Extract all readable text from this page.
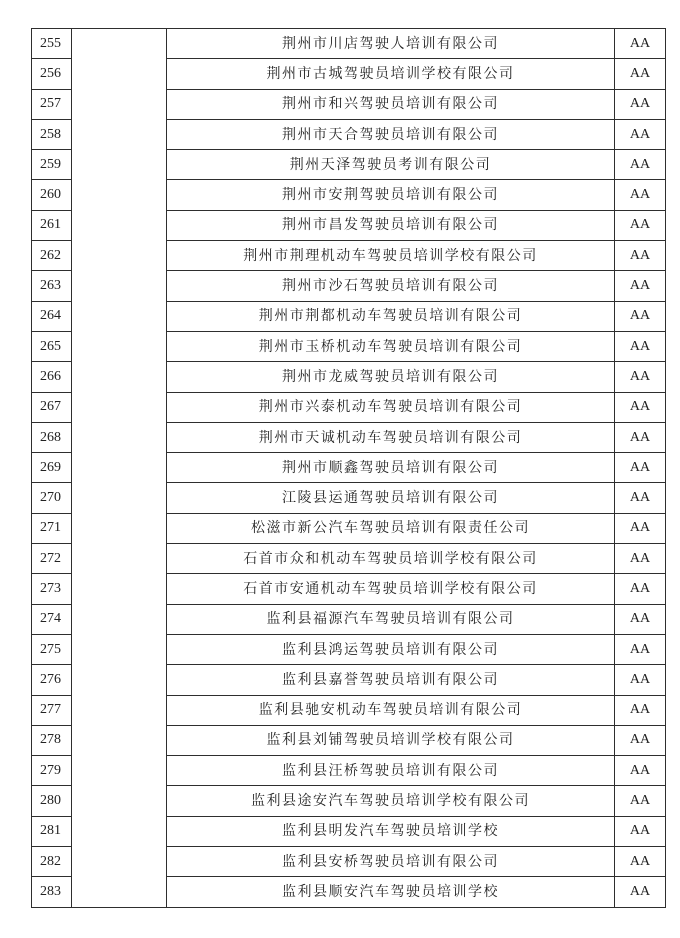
255		荆州市川店驾驶人培训有限公司	AA
256		荆州市古城驾驶员培训学校有限公司	AA
257		荆州市和兴驾驶员培训有限公司	AA
258		荆州市天合驾驶员培训有限公司	AA
259		荆州天泽驾驶员考训有限公司	AA
260		荆州市安荆驾驶员培训有限公司	AA
261		荆州市昌发驾驶员培训有限公司	AA
262		荆州市荆理机动车驾驶员培训学校有限公司	AA
263		荆州市沙石驾驶员培训有限公司	AA
264		荆州市荆都机动车驾驶员培训有限公司	AA
265		荆州市玉桥机动车驾驶员培训有限公司	AA
266		荆州市龙威驾驶员培训有限公司	AA
267		荆州市兴泰机动车驾驶员培训有限公司	AA
268		荆州市天诚机动车驾驶员培训有限公司	AA
269		荆州市顺鑫驾驶员培训有限公司	AA
270		江陵县运通驾驶员培训有限公司	AA
271		松滋市新公汽车驾驶员培训有限责任公司	AA
272		石首市众和机动车驾驶员培训学校有限公司	AA
273		石首市安通机动车驾驶员培训学校有限公司	AA
274		监利县福源汽车驾驶员培训有限公司	AA
275		监利县鸿运驾驶员培训有限公司	AA
276		监利县嘉誉驾驶员培训有限公司	AA
277		监利县驰安机动车驾驶员培训有限公司	AA
278		监利县刘铺驾驶员培训学校有限公司	AA
279		监利县汪桥驾驶员培训有限公司	AA
280		监利县途安汽车驾驶员培训学校有限公司	AA
281		监利县明发汽车驾驶员培训学校	AA
282		监利县安桥驾驶员培训有限公司	AA
283		监利县顺安汽车驾驶员培训学校	AA
